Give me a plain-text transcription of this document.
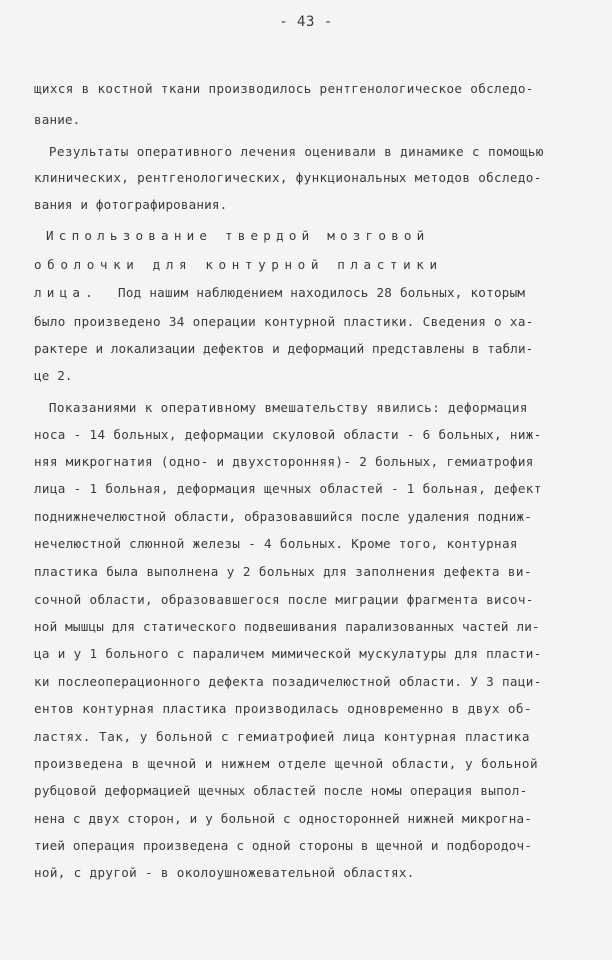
- 43 -
щихся в костной ткани производилось рентгенологическое обследо-
вание.
Результаты оперативного лечения оценивали в динамике с помощью
клинических, рентгенологических, функциональных методов обследо-
вания и фотографирования.
Использование твердой мозговой
оболочки для контурной пластики
лица. Под нашим наблюдением находилось 28 больных, которым
было произведено 34 операции контурной пластики. Сведения о ха-
рактере и локализации дефектов и деформаций представлены в табли-
це 2.
Показаниями к оперативному вмешательству явились: деформация
носа - 14 больных, деформации скуловой области - 6 больных, ниж-
няя микрогнатия (одно- и двухсторонняя)- 2 больных, гемиатрофия
лица - 1 больная, деформация щечных областей - 1 больная, дефект
поднижнечелюстной области, образовавшийся после удаления подниж-
нечелюстной слюнной железы - 4 больных. Кроме того, контурная
пластика была выполнена у 2 больных для заполнения дефекта ви-
сочной области, образовавшегося после миграции фрагмента височ-
ной мышцы для статического подвешивания парализованных частей ли-
ца и у 1 больного с параличем мимической мускулатуры для пласти-
ки послеоперационного дефекта позадичелюстной области. У 3 паци-
ентов контурная пластика производилась одновременно в двух об-
ластях. Так, у больной с гемиатрофией лица контурная пластика
произведена в щечной и нижнем отделе щечной области, у больной
рубцовой деформацией щечных областей после номы операция выпол-
нена с двух сторон, и у больной с односторонней нижней микрогна-
тией операция произведена с одной стороны в щечной и подбородоч-
ной, с другой - в околоушножевательной областях.
